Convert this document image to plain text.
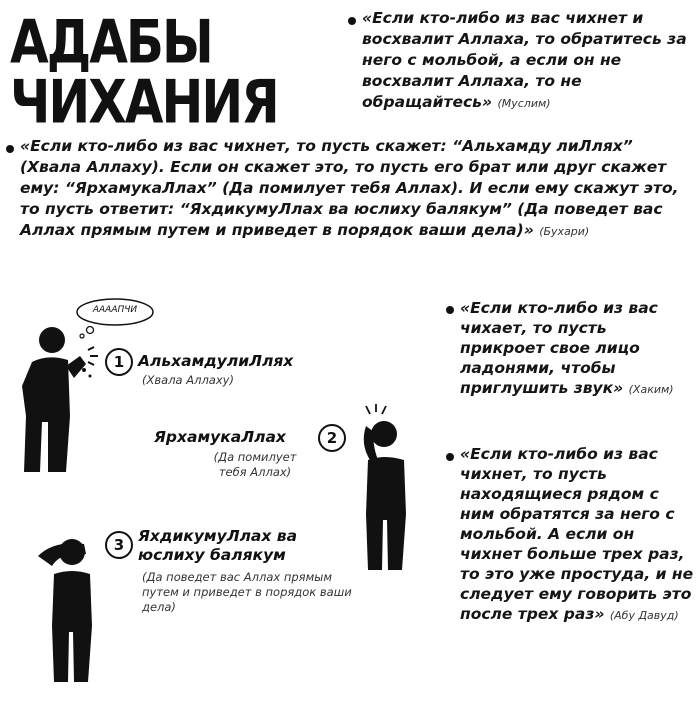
АДАБЫ
ЧИХАНИЯ
«Если кто-либо из вас чихнет и восхвалит Аллаха, то обратитесь за него с мольбой, а если он не восхвалит Аллаха, то не обращайтесь» (Муслим)
«Если кто-либо из вас чихнет, то пусть скажет: “Альхамду лиЛлях” (Хвала Аллаху). Если он скажет это, то пусть его брат или друг скажет ему: “ЯрхамукаЛлах” (Да помилует тебя Аллах). И если ему скажут это, то пусть ответит: “ЯхдикумуЛлах ва юслиху балякум” (Да поведет вас Аллах прямым путем и приведет в порядок ваши дела)» (Бухари)
«Если кто-либо из вас чихает, то пусть прикроет свое лицо ладонями, чтобы приглушить звук» (Хаким)
«Если кто-либо из вас чихнет, то пусть находящиеся рядом с ним обратятся за него с мольбой. А если он чихнет больше трех раз, то это уже простуда, и не следует ему говорить это после трех раз» (Абу Давуд)
АААAПЧИ
1 АльхамдулиЛлях
(Хвала Аллаху)
ЯрхамукаЛлах	2
(Да помилует тебя Аллах)
3 ЯхдикумуЛлах ва юслиху балякум
(Да поведет вас Аллах прямым путем и приведет в порядок ваши дела)
